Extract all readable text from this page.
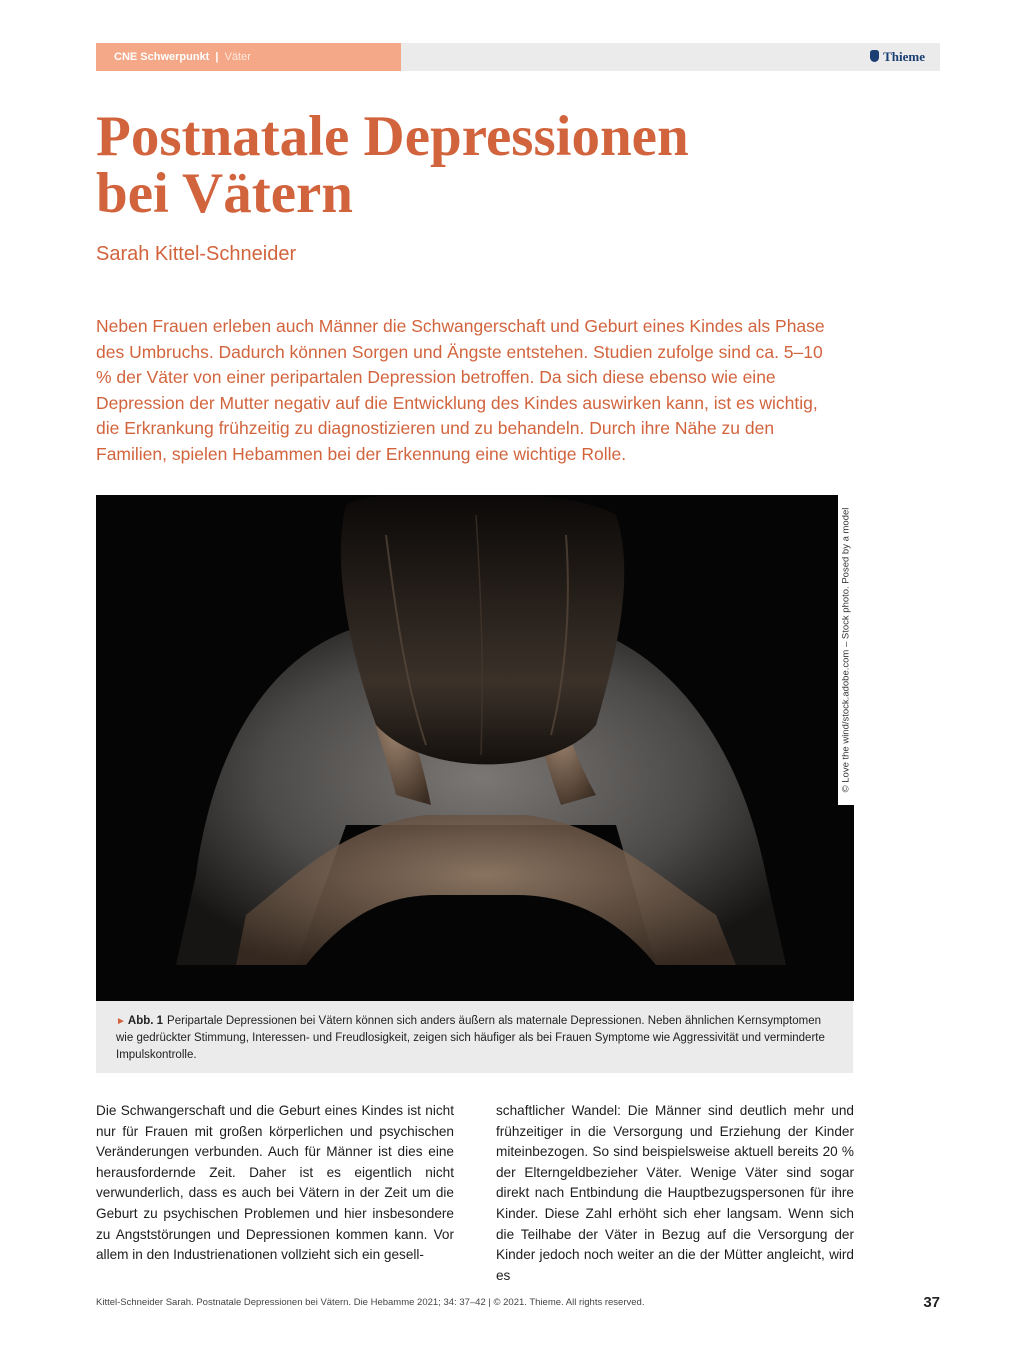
CNE Schwerpunkt | Väter	Thieme
Postnatale Depressionen
bei Vätern
Sarah Kittel-Schneider

Neben Frauen erleben auch Männer die Schwangerschaft und Geburt eines Kindes als Phase des Umbruchs. Dadurch können Sorgen und Ängste entstehen. Studien zufolge sind ca. 5–10 % der Väter von einer peripartalen Depression betroffen. Da sich diese ebenso wie eine Depression der Mutter negativ auf die Entwicklung des Kindes auswirken kann, ist es wichtig, die Erkrankung frühzeitig zu diagnostizieren und zu behandeln. Durch ihre Nähe zu den Familien, spielen Hebammen bei der Erkennung eine wichtige Rolle.

© Love the wind/stock.adobe.com – Stock photo. Posed by a model
► Abb. 1 Peripartale Depressionen bei Vätern können sich anders äußern als maternale Depressionen. Neben ähnlichen Kernsymptomen wie gedrückter Stimmung, Interessen- und Freudlosigkeit, zeigen sich häufiger als bei Frauen Symptome wie Aggressivität und verminderte Impulskontrolle.

Die Schwangerschaft und die Geburt eines Kindes ist nicht nur für Frauen mit großen körperlichen und psychischen Veränderungen verbunden. Auch für Männer ist dies eine herausfordernde Zeit. Daher ist es eigentlich nicht verwunderlich, dass es auch bei Vätern in der Zeit um die Geburt zu psychischen Problemen und hier insbesondere zu Angststörungen und Depressionen kommen kann. Vor allem in den Industrienationen vollzieht sich ein gesell-

schaftlicher Wandel: Die Männer sind deutlich mehr und frühzeitiger in die Versorgung und Erziehung der Kinder miteinbezogen. So sind beispielsweise aktuell bereits 20 % der Elterngeldbezieher Väter. Wenige Väter sind sogar direkt nach Entbindung die Hauptbezugspersonen für ihre Kinder. Diese Zahl erhöht sich eher langsam. Wenn sich die Teilhabe der Väter in Bezug auf die Versorgung der Kinder jedoch noch weiter an die der Mütter angleicht, wird es

Kittel-Schneider Sarah. Postnatale Depressionen bei Vätern. Die Hebamme 2021; 34: 37–42 | © 2021. Thieme. All rights reserved.	37
